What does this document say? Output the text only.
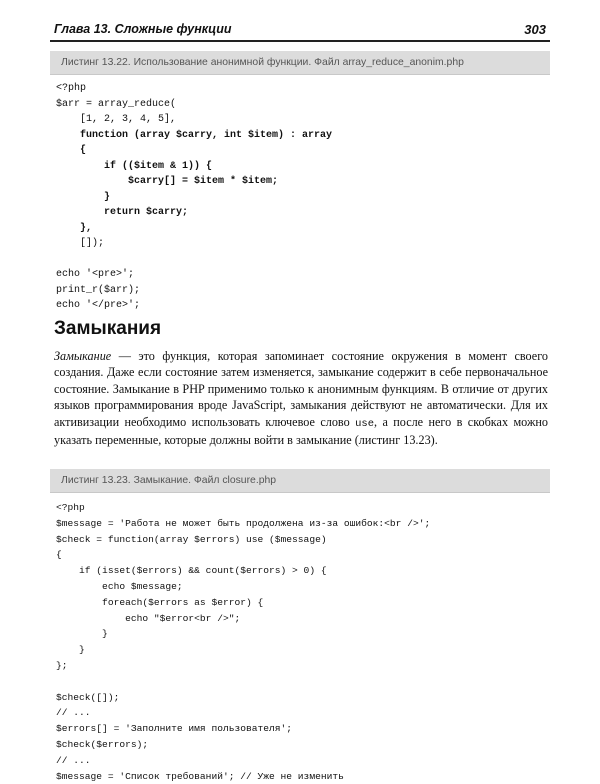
Глава 13. Сложные функции	303
Листинг 13.22. Использование анонимной функции. Файл array_reduce_anonim.php
<?php
$arr = array_reduce(
[1, 2, 3, 4, 5],
function (array $carry, int $item) : array
{
if (($item & 1)) {
$carry[] = $item * $item;
}
return $carry;
},
[]);
echo '<pre>';
print_r($arr);
echo '</pre>';
Замыкания

Замыкание — это функция, которая запоминает состояние окружения в момент своего создания. Даже если состояние затем изменяется, замыкание содержит в себе первоначальное состояние. Замыкание в PHP применимо только к анонимным функциям. В отличие от других языков программирования вроде JavaScript, замыкания действуют не автоматически. Для их активизации необходимо использовать ключевое слово use, а после него в скобках можно указать переменные, которые должны войти в замыкание (листинг 13.23).

Листинг 13.23. Замыкание. Файл closure.php
<?php
$message = 'Работа не может быть продолжена из-за ошибок:<br />';
$check = function(array $errors) use ($message)
{
if (isset($errors) && count($errors) > 0) {
echo $message;
foreach($errors as $error) {
echo "$error<br />";
}
}
};
$check([]);
// ...
$errors[] = 'Заполните имя пользователя';
$check($errors);
// ...
$message = 'Список требований'; // Уже не изменить
